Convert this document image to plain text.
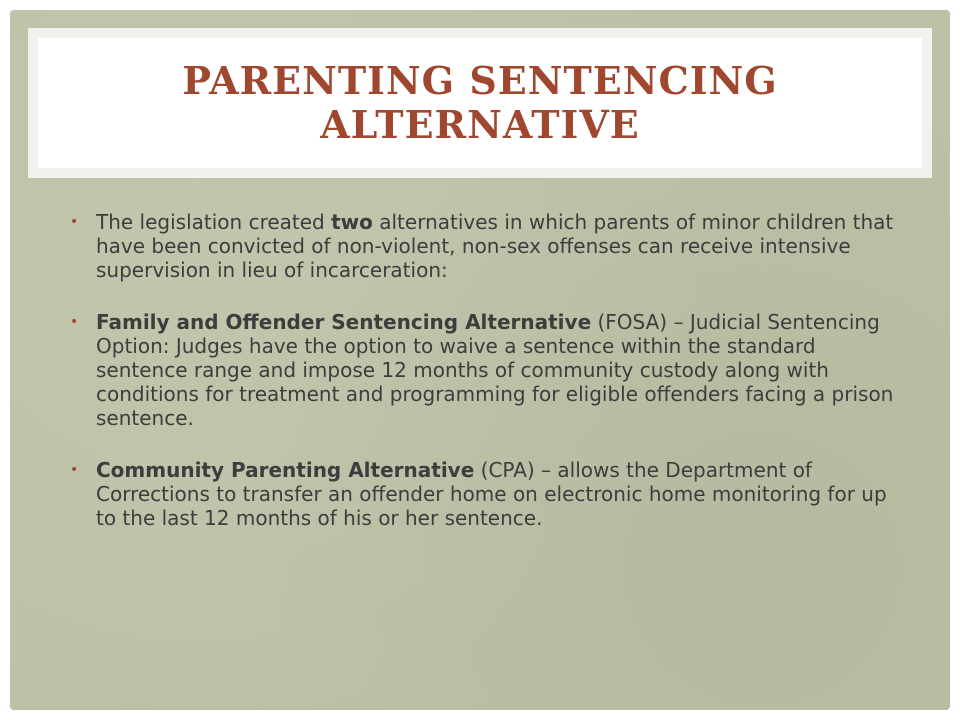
PARENTING SENTENCING
ALTERNATIVE
• The legislation created two alternatives in which parents of minor children that have been convicted of non-violent, non-sex offenses can receive intensive supervision in lieu of incarceration:
• Family and Offender Sentencing Alternative (FOSA) – Judicial Sentencing Option: Judges have the option to waive a sentence within the standard sentence range and impose 12 months of community custody along with conditions for treatment and programming for eligible offenders facing a prison sentence.
• Community Parenting Alternative (CPA) – allows the Department of Corrections to transfer an offender home on electronic home monitoring for up to the last 12 months of his or her sentence.
